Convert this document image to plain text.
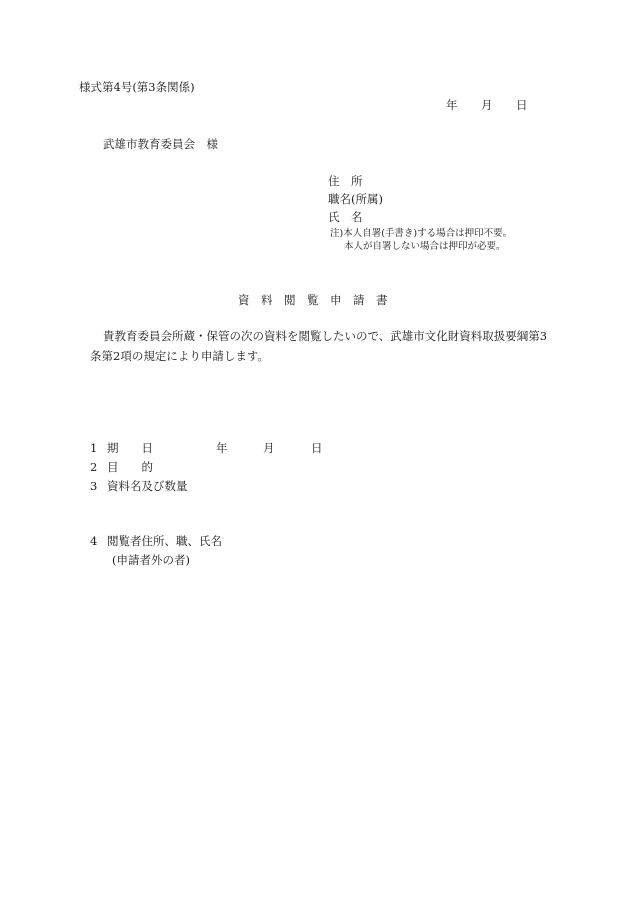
様式第4号(第3条関係)
年 月 日
武雄市教育委員会　様
住　所
職名(所属)
氏　名
注)本人自署(手書き)する場合は押印不要。
本人が自署しない場合は押印が必要。
資　料　閲　覧　申　請　書
貴教育委員会所蔵・保管の次の資料を閲覧したいので、武雄市文化財資料取扱要綱第3
条第2項の規定により申請します。
1 期　　日	年	月	日
2 目　　的
3 資料名及び数量
4 閲覧者住所、職、氏名
(申請者外の者)
